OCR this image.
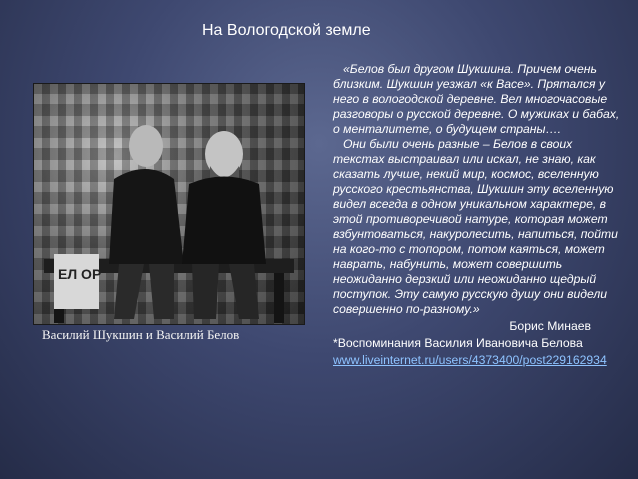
На Вологодской земле
ЕЛ ОР
Василий Шукшин и Василий Белов

«Белов был другом Шукшина. Причем очень близким. Шукшин уезжал «к Васе». Прятался у него в вологодской деревне. Вел многочасовые разговоры о русской деревне. О мужиках и бабах, о менталитете, о будущем страны….

Они были очень разные – Белов в своих текстах выстраивал или искал, не знаю, как сказать лучше, некий мир, космос, вселенную русского крестьянства, Шукшин эту вселенную видел всегда в одном уникальном характере, в этой противоречивой натуре, которая может взбунтоваться, накуролесить, напиться, пойти на кого-то с топором, потом каяться, может наврать, набунить, может совершить неожиданно дерзкий или неожиданно щедрый поступок. Эту самую русскую душу они видели совершенно по-разному.»

Борис Минаев
*Воспоминания Василия Ивановича Белова
www.liveinternet.ru/users/4373400/post229162934
